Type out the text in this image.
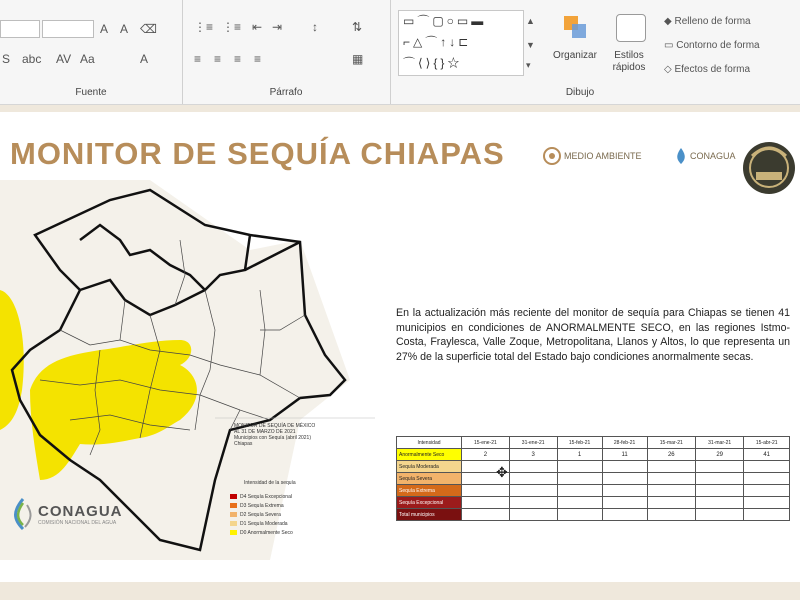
A A ⌫
S abc AV Aa	A
Fuente
⋮≡ ⋮≡ ⇤ ⇥ ↕	⇅
≡ ≡ ≡ ≡	▦
Párrafo	Dibujo
▭⌒▢○▭▬
⌐△⌒↑↓⊏
⌒⟨⟩{}☆
▲
▼
▾
Organizar	Estilos rápidos
◆ Relleno de forma
▭ Contorno de forma
◇ Efectos de forma
MONITOR DE SEQUÍA CHIAPAS	MEDIO AMBIENTE	CONAGUA
MONITOR DE SEQUÍA DE MÉXICO
AL 31 DE MARZO DE 2021
Municipios con Sequía (abril 2021)
Chiapas
Intensidad de la sequía
D4 Sequía Excepcional
D3 Sequía Extrema
D2 Sequía Severa
D1 Sequía Moderada
D0 Anormalmente Seco
CONAGUA
COMISIÓN NACIONAL DEL AGUA
En la actualización más reciente del monitor de sequía para Chiapas se tienen 41 municipios en condiciones de ANORMALMENTE SECO, en las regiones Istmo-Costa, Fraylesca, Valle Zoque, Metropolitana, Llanos y Altos, lo que representa un 27% de la superficie total del Estado bajo condiciones anormalmente secas.
Intensidad	15-ene-21	31-ene-21	15-feb-21	28-feb-21	15-mar-21	31-mar-21	15-abr-21
Anormalmente Seco	2	3	1	11	26	29	41
Sequía Moderada							
Sequía Severa							
Sequía Extrema							
Sequía Excepcional							
Total municipios							
✥
